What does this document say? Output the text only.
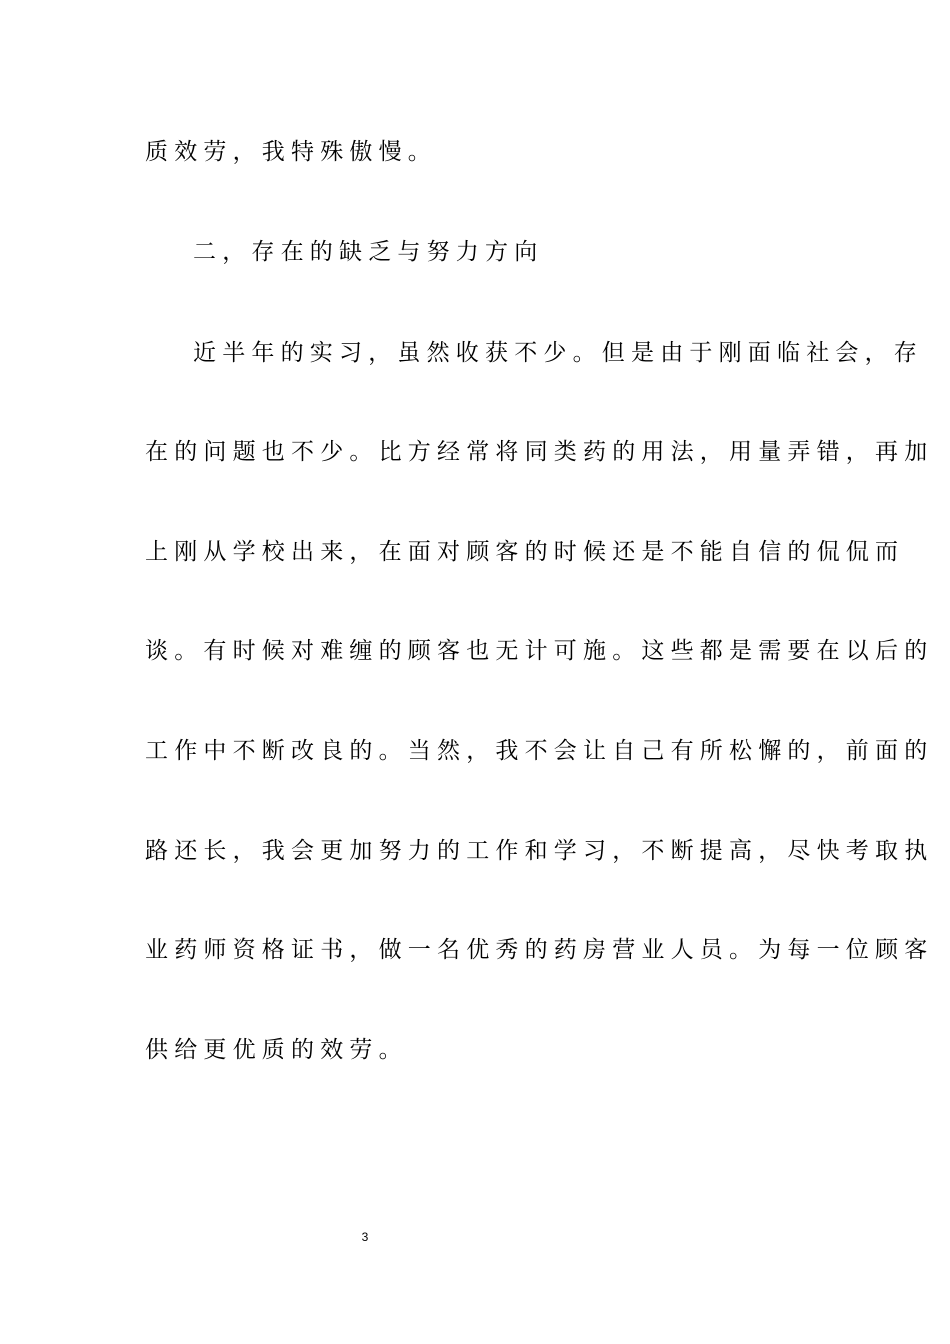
质效劳，我特殊傲慢。
二，存在的缺乏与努力方向
近半年的实习，虽然收获不少。但是由于刚面临社会，存
在的问题也不少。比方经常将同类药的用法，用量弄错，再加
上刚从学校出来，在面对顾客的时候还是不能自信的侃侃而
谈。有时候对难缠的顾客也无计可施。这些都是需要在以后的
工作中不断改良的。当然，我不会让自己有所松懈的，前面的
路还长，我会更加努力的工作和学习，不断提高，尽快考取执
业药师资格证书，做一名优秀的药房营业人员。为每一位顾客
供给更优质的效劳。
3
